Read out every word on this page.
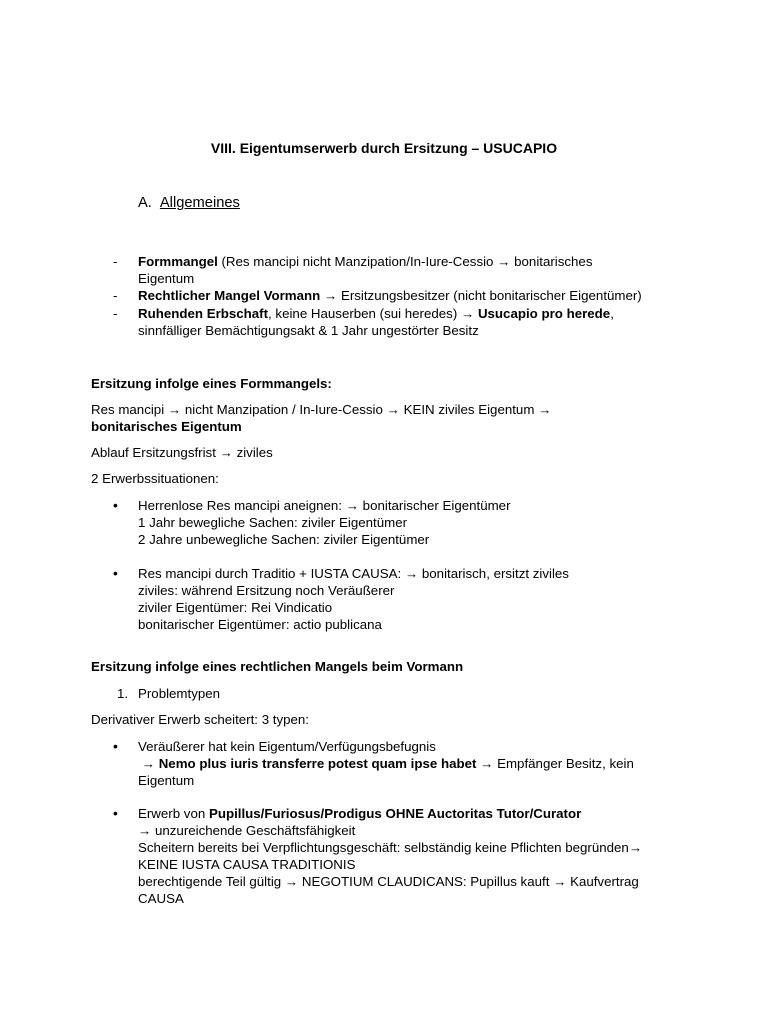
VIII. Eigentumserwerb durch Ersitzung – USUCAPIO
A. Allgemeines
- Formmangel (Res mancipi nicht Manzipation/In-Iure-Cessio → bonitarisches
Eigentum
- Rechtlicher Mangel Vormann → Ersitzungsbesitzer (nicht bonitarischer Eigentümer)
- Ruhenden Erbschaft, keine Hauserben (sui heredes) → Usucapio pro herede,
sinnfälliger Bemächtigungsakt & 1 Jahr ungestörter Besitz
Ersitzung infolge eines Formmangels:
Res mancipi → nicht Manzipation / In-Iure-Cessio → KEIN ziviles Eigentum →
bonitarisches Eigentum
Ablauf Ersitzungsfrist → ziviles
2 Erwerbssituationen:
• Herrenlose Res mancipi aneignen: → bonitarischer Eigentümer
1 Jahr bewegliche Sachen: ziviler Eigentümer
2 Jahre unbewegliche Sachen: ziviler Eigentümer
• Res mancipi durch Traditio + IUSTA CAUSA: → bonitarisch, ersitzt ziviles
ziviles: während Ersitzung noch Veräußerer
ziviler Eigentümer: Rei Vindicatio
bonitarischer Eigentümer: actio publicana
Ersitzung infolge eines rechtlichen Mangels beim Vormann
1. Problemtypen
Derivativer Erwerb scheitert: 3 typen:
• Veräußerer hat kein Eigentum/Verfügungsbefugnis
→ Nemo plus iuris transferre potest quam ipse habet → Empfänger Besitz, kein
Eigentum
• Erwerb von Pupillus/Furiosus/Prodigus OHNE Auctoritas Tutor/Curator
→ unzureichende Geschäftsfähigkeit
Scheitern bereits bei Verpflichtungsgeschäft: selbständig keine Pflichten begründen→
KEINE IUSTA CAUSA TRADITIONIS
berechtigende Teil gültig → NEGOTIUM CLAUDICANS: Pupillus kauft → Kaufvertrag
CAUSA
